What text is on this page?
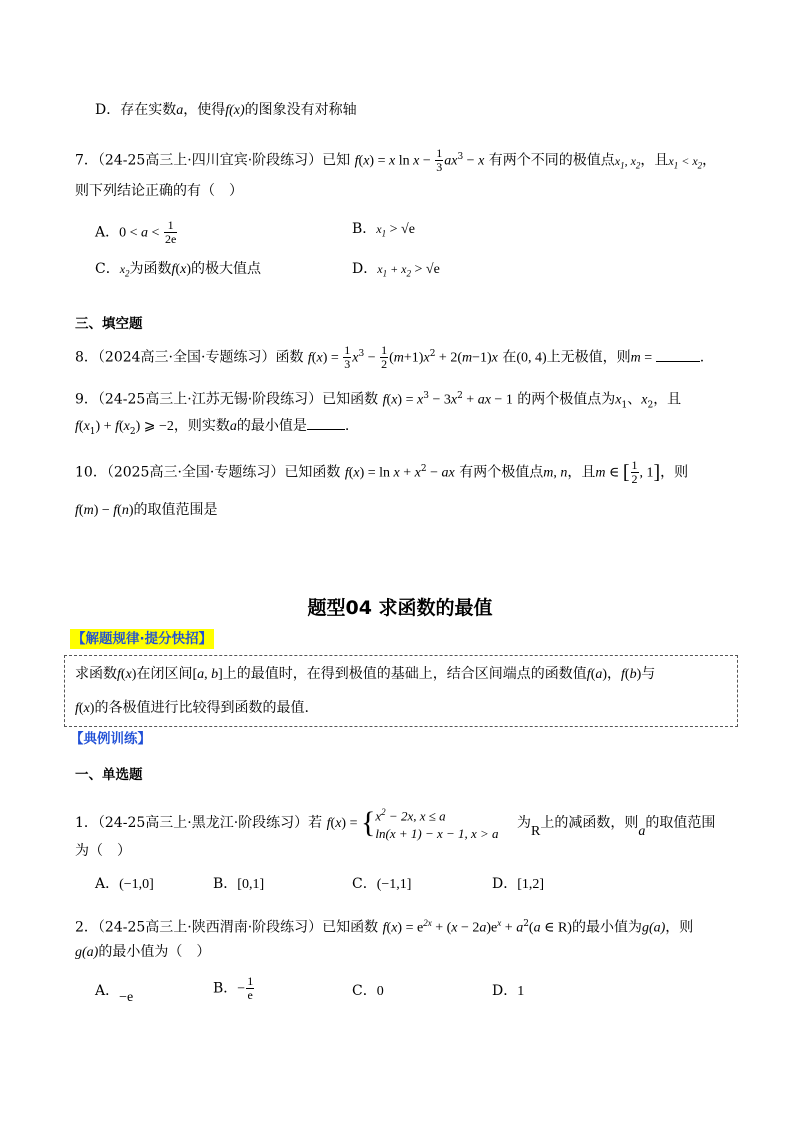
D．存在实数a，使得f(x)的图象没有对称轴
7．（24-25高三上·四川宜宾·阶段练习）已知 f(x) = x $\ln x - \frac{1}{3} ax^3 - x$ 有两个不同的极值点$x_1$, $x_2$，且$x_1 < x_2$，
则下列结论正确的有（　）
A．$0 < a < \frac{1}{2e}$	B．$x_1 > √e$
C．$x_2$为函数f(x)的极大值点	D．$x_1 + x_2 > √e$
三、填空题
8．（2024高三·全国·专题练习）函数 $f(x) = \frac{1}{3} x^3 - \frac{1}{2} (m+1)x^2 + 2(m-1)x$ 在(0, 4)上无极值，则m =	.
9．（24-25高三上·江苏无锡·阶段练习）已知函数 $f(x) = x^3 - 3x^2$ + ax − 1 的两个极值点为$x_1$、$x_2$，且
$f(x_1) + f(x_2)$ ⩾ −2，则实数a的最小值是	.
10．（2025高三·全国·专题练习）已知函数 $f(x) = \ln x + x^2$ − ax 有两个极值点m, n，且m ∈ [ $\frac{1}{2}$ , 1]，则
f(m) − f(n)的取值范围是
题型04 求函数的最值
【解题规律·提分快招】
求函数f(x)在闭区间[a, b]上的最值时，在得到极值的基础上，结合区间端点的函数值f(a)，f(b)与
f(x)的各极值进行比较得到函数的最值.
【典例训练】
一、单选题
1．（24-25高三上·黑龙江·阶段练习）若 f(x) = { $x^2 - 2x$, x ≤ a
ln(x + 1) − x − 1, x > a
为R上的减函数，则a的取值范围
为（　）
A．(−1,0]	B．[0,1]	C．(−1,1]	D．[1,2]
2．（24-25高三上·陕西渭南·阶段练习）已知函数 $f(x) = e^{2x} + (x - 2a)e^x + a^2(a$ ∈ R)的最小值为g(a)，则
g(a)的最小值为（　）
A．−e
B．− $\frac{1}{e}$	C．0	D．1
